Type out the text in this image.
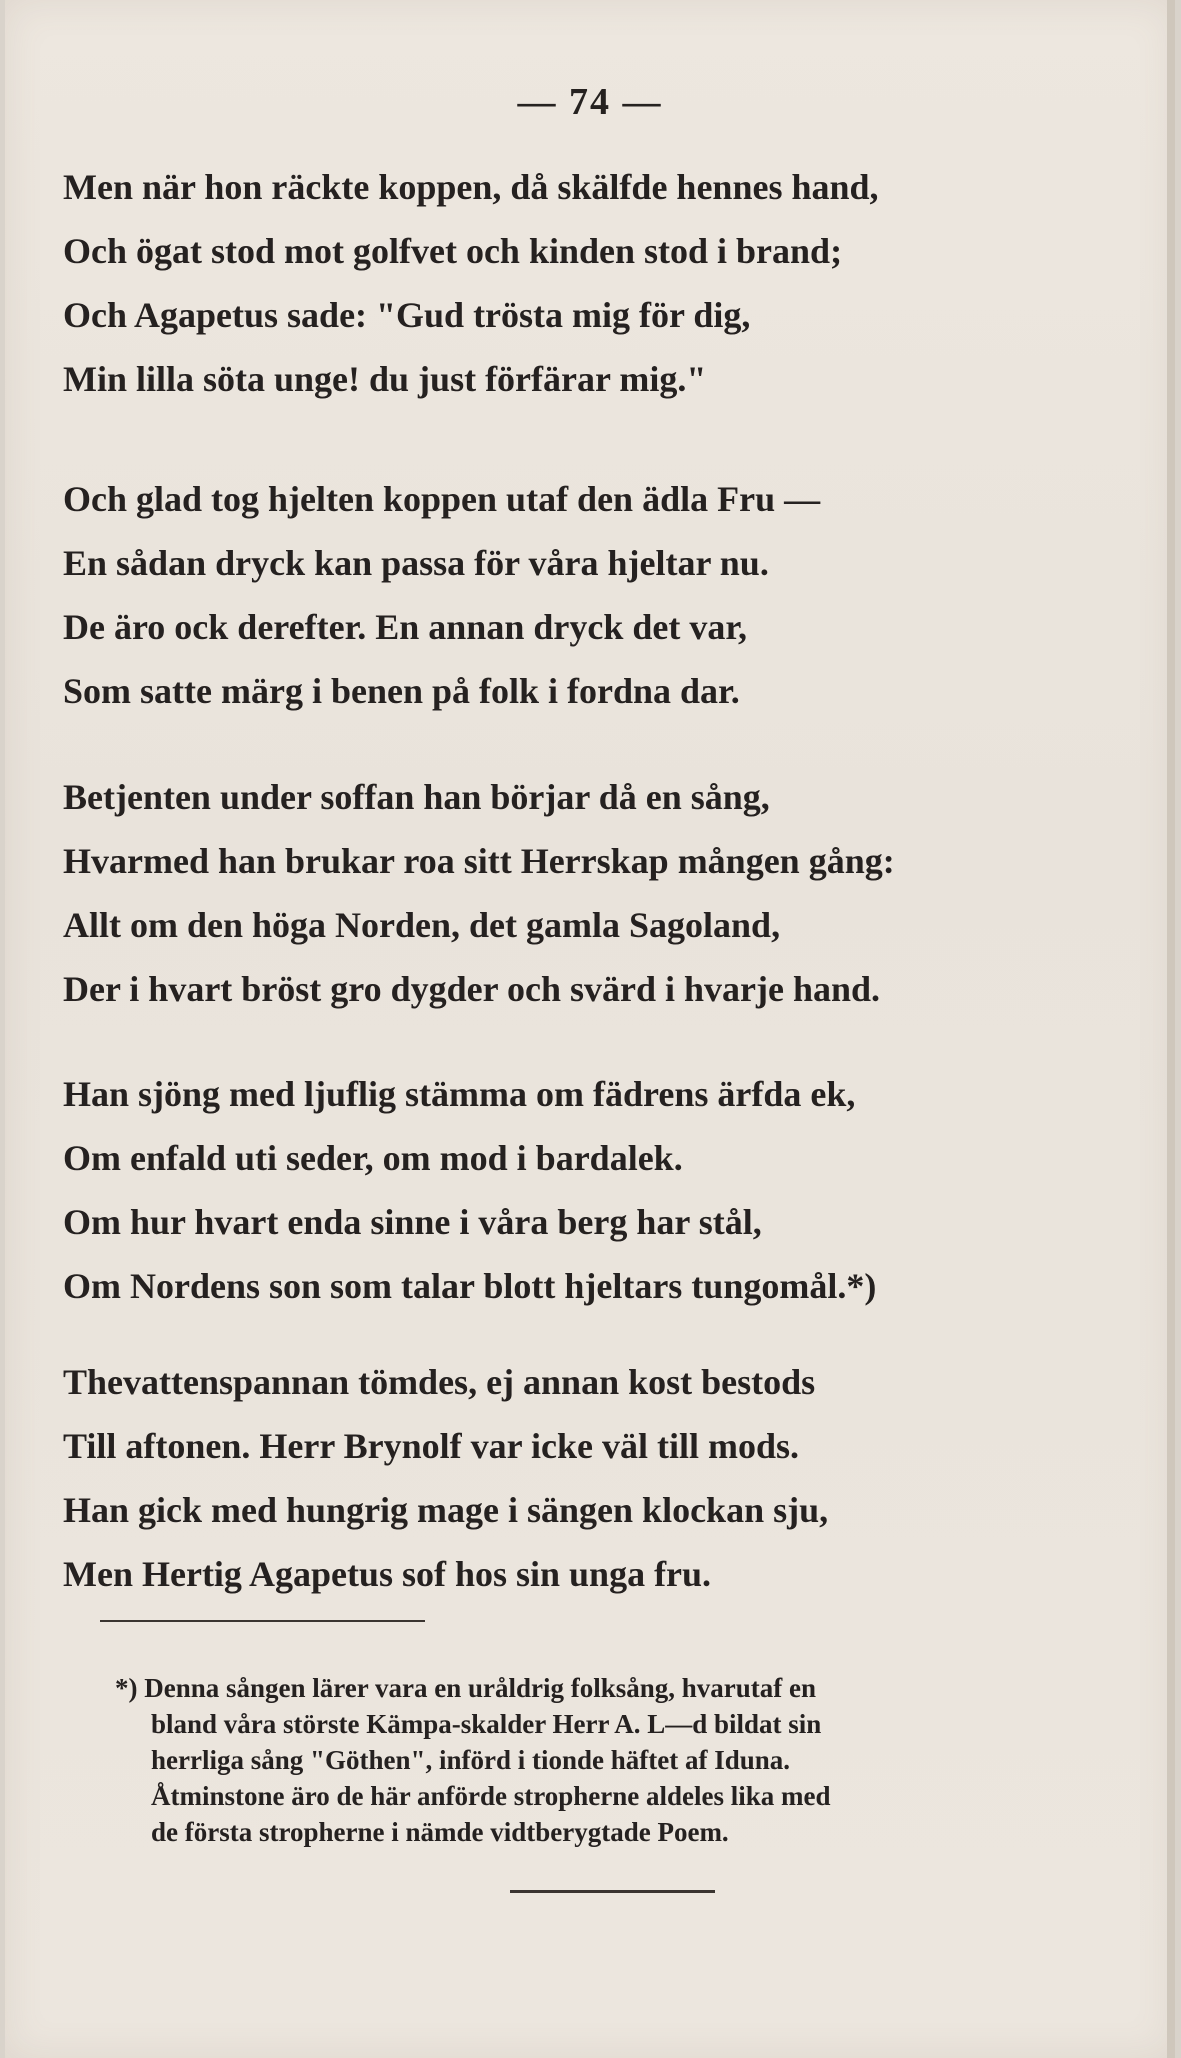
— 74 —
Men när hon räckte koppen, då skälfde hennes hand,
Och ögat stod mot golfvet och kinden stod i brand;
Och Agapetus sade: "Gud trösta mig för dig,
Min lilla söta unge! du just förfärar mig."
Och glad tog hjelten koppen utaf den ädla Fru —
En sådan dryck kan passa för våra hjeltar nu.
De äro ock derefter. En annan dryck det var,
Som satte märg i benen på folk i fordna dar.
Betjenten under soffan han börjar då en sång,
Hvarmed han brukar roa sitt Herrskap mången gång:
Allt om den höga Norden, det gamla Sagoland,
Der i hvart bröst gro dygder och svärd i hvarje hand.
Han sjöng med ljuflig stämma om fädrens ärfda ek,
Om enfald uti seder, om mod i bardalek.
Om hur hvart enda sinne i våra berg har stål,
Om Nordens son som talar blott hjeltars tungomål.*)
Thevattenspannan tömdes, ej annan kost bestods
Till aftonen. Herr Brynolf var icke väl till mods.
Han gick med hungrig mage i sängen klockan sju,
Men Hertig Agapetus sof hos sin unga fru.
*) Denna sången lärer vara en uråldrig folksång, hvarutaf en
bland våra störste Kämpa-skalder Herr A. L—d bildat sin
herrliga sång "Göthen", införd i tionde häftet af Iduna.
Åtminstone äro de här anförde stropherne aldeles lika med
de första stropherne i nämde vidtberygtade Poem.
